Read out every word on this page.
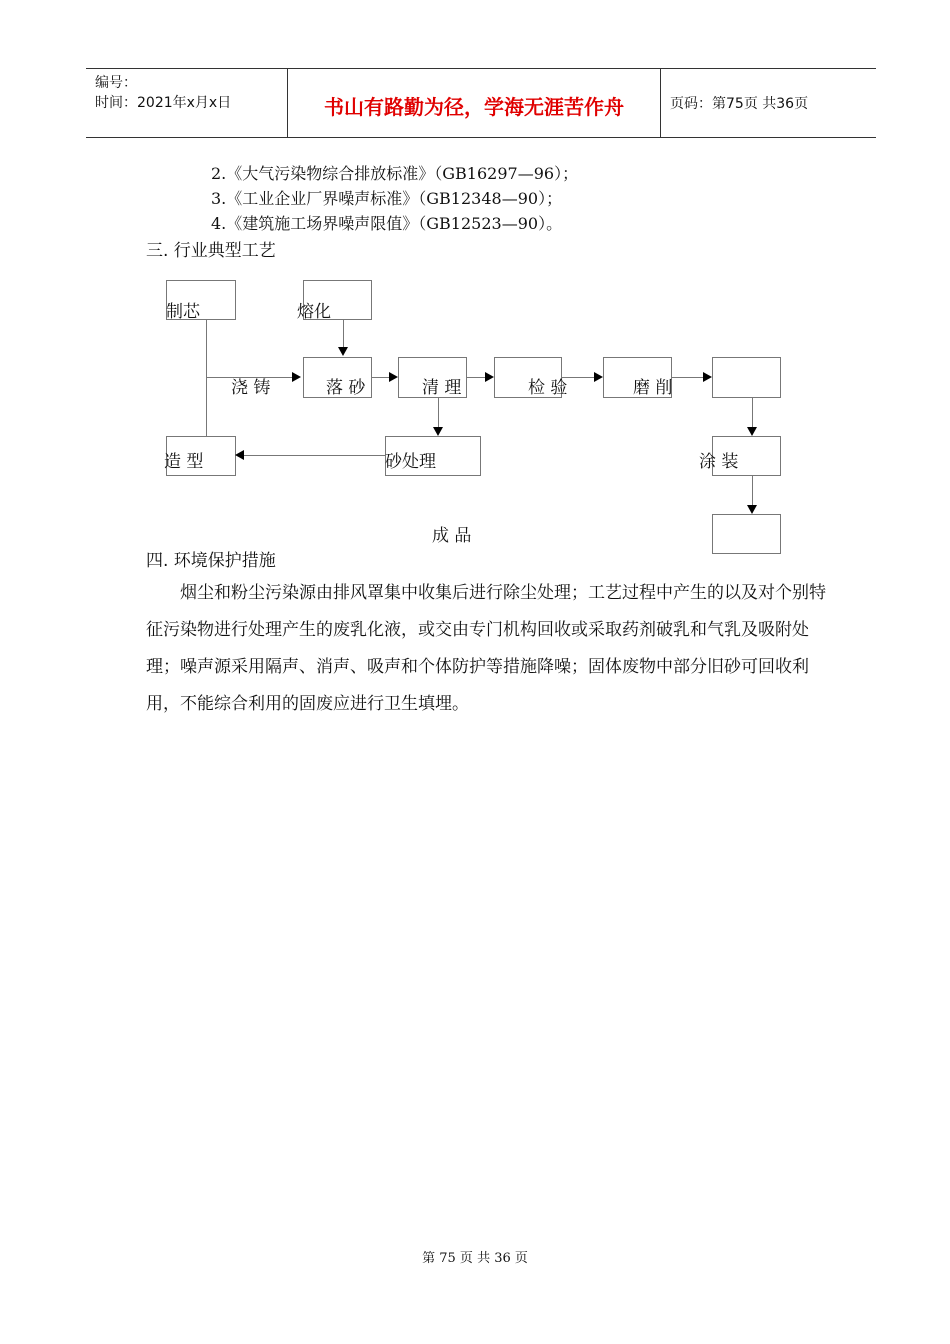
编号：
时间：2021年x月x日	书山有路勤为径，学海无涯苦作舟	页码：第75页 共36页
2.《大气污染物综合排放标准》（GB16297—96）；
3.《工业企业厂界噪声标准》（GB12348—90）；
4.《建筑施工场界噪声限值》（GB12523—90）。
三. 行业典型工艺
制芯	熔化
浇 铸	落 砂	清 理	检 验	磨 削
造 型	砂处理	涂 装
成 品
四. 环境保护措施

烟尘和粉尘污染源由排风罩集中收集后进行除尘处理；工艺过程中产生的以及对个别特征污染物进行处理产生的废乳化液，或交由专门机构回收或采取药剂破乳和气乳及吸附处理；噪声源采用隔声、消声、吸声和个体防护等措施降噪；固体废物中部分旧砂可回收利用，不能综合利用的固废应进行卫生填埋。

第 75 页 共 36 页
